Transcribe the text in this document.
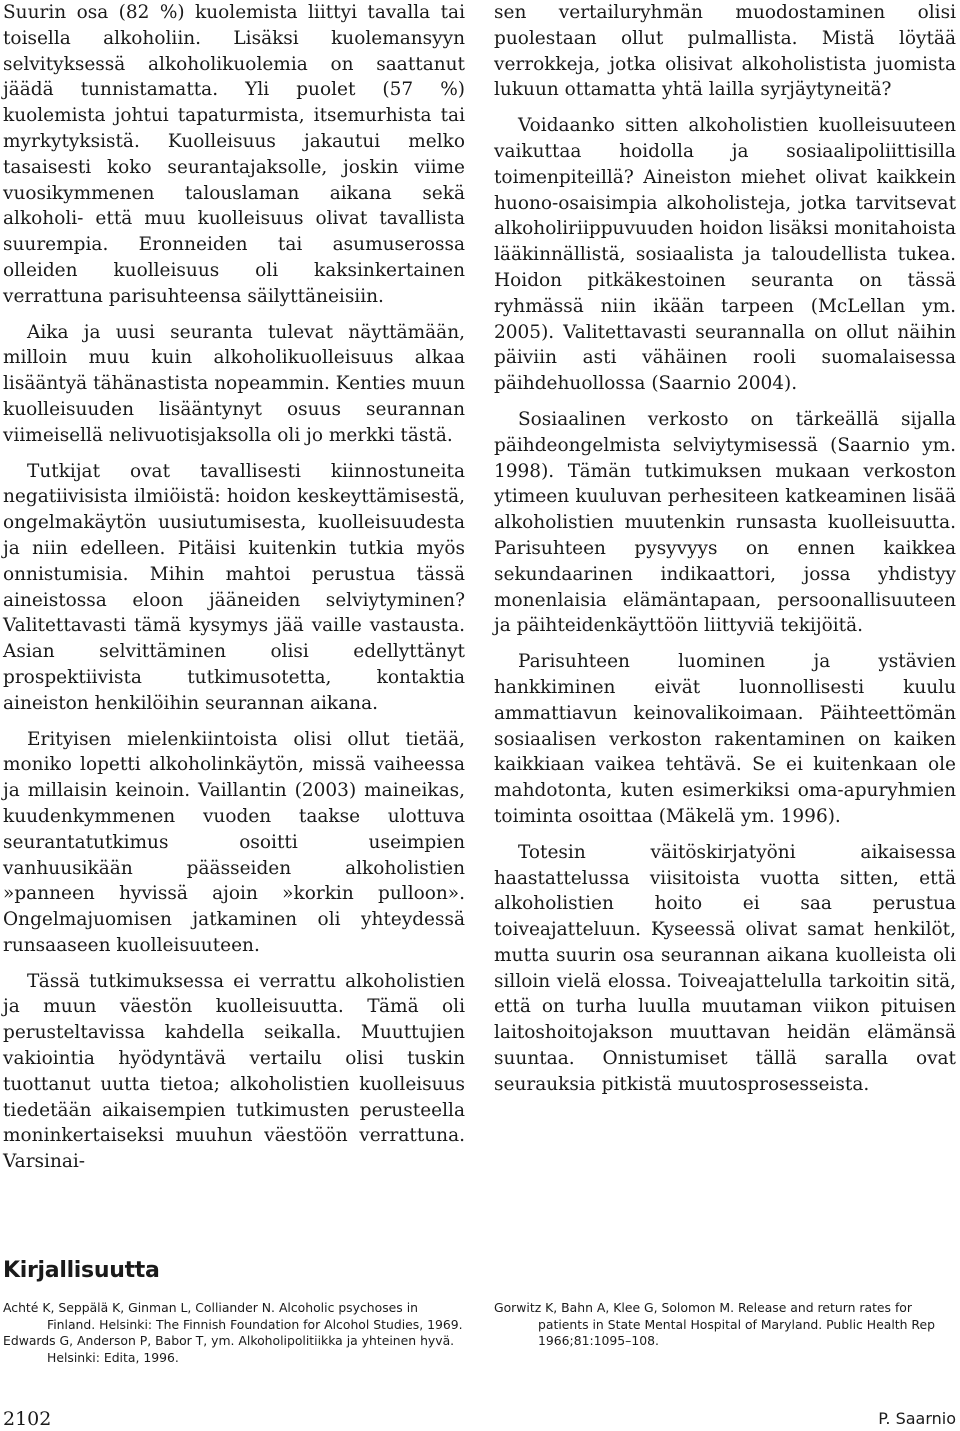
Suurin osa (82 %) kuolemista liittyi tavalla tai toisella alkoholiin. Lisäksi kuolemansyyn selvityksessä alkoholikuolemia on saattanut jäädä tunnistamatta. Yli puolet (57 %) kuolemista johtui tapaturmista, itsemurhista tai myrkytyksistä. Kuolleisuus jakautui melko tasaisesti koko seurantajaksolle, joskin viime vuosikymmenen talouslaman aikana sekä alkoholi- että muu kuolleisuus olivat tavallista suurempia. Eronneiden tai asumuserossa olleiden kuolleisuus oli kaksinkertainen verrattuna parisuhteensa säilyttäneisiin.

Aika ja uusi seuranta tulevat näyttämään, milloin muu kuin alkoholikuolleisuus alkaa lisääntyä tähänastista nopeammin. Kenties muun kuolleisuuden lisääntynyt osuus seurannan viimeisellä nelivuotisjaksolla oli jo merkki tästä.

Tutkijat ovat tavallisesti kiinnostuneita negatiivisista ilmiöistä: hoidon keskeyttämisestä, ongelmakäytön uusiutumisesta, kuolleisuudesta ja niin edelleen. Pitäisi kuitenkin tutkia myös onnistumisia. Mihin mahtoi perustua tässä aineistossa eloon jääneiden selviytyminen? Valitettavasti tämä kysymys jää vaille vastausta. Asian selvittäminen olisi edellyttänyt prospektiivista tutkimusotetta, kontaktia aineiston henkilöihin seurannan aikana.

Erityisen mielenkiintoista olisi ollut tietää, moniko lopetti alkoholinkäytön, missä vaiheessa ja millaisin keinoin. Vaillantin (2003) maineikas, kuudenkymmenen vuoden taakse ulottuva seurantatutkimus osoitti useimpien vanhuusikään päässeiden alkoholistien »panneen hyvissä ajoin »korkin pulloon». Ongelmajuomisen jatkaminen oli yhteydessä runsaaseen kuolleisuuteen.

Tässä tutkimuksessa ei verrattu alkoholistien ja muun väestön kuolleisuutta. Tämä oli perusteltavissa kahdella seikalla. Muuttujien vakiointia hyödyntävä vertailu olisi tuskin tuottanut uutta tietoa; alkoholistien kuolleisuus tiedetään aikaisempien tutkimusten perusteella moninkertaiseksi muuhun väestöön verrattuna. Varsinai-

sen vertailuryhmän muodostaminen olisi puolestaan ollut pulmallista. Mistä löytää verrokkeja, jotka olisivat alkoholistista juomista lukuun ottamatta yhtä lailla syrjäytyneitä?

Voidaanko sitten alkoholistien kuolleisuuteen vaikuttaa hoidolla ja sosiaalipoliittisilla toimenpiteillä? Aineiston miehet olivat kaikkein huono-osaisimpia alkoholisteja, jotka tarvitsevat alkoholiriippuvuuden hoidon lisäksi monitahoista lääkinnällistä, sosiaalista ja taloudellista tukea. Hoidon pitkäkestoinen seuranta on tässä ryhmässä niin ikään tarpeen (McLellan ym. 2005). Valitettavasti seurannalla on ollut näihin päiviin asti vähäinen rooli suomalaisessa päihdehuollossa (Saarnio 2004).

Sosiaalinen verkosto on tärkeällä sijalla päihdeongelmista selviytymisessä (Saarnio ym. 1998). Tämän tutkimuksen mukaan verkoston ytimeen kuuluvan perhesiteen katkeaminen lisää alkoholistien muutenkin runsasta kuolleisuutta. Parisuhteen pysyvyys on ennen kaikkea sekundaarinen indikaattori, jossa yhdistyy monenlaisia elämäntapaan, persoonallisuuteen ja päihteidenkäyttöön liittyviä tekijöitä.

Parisuhteen luominen ja ystävien hankkiminen eivät luonnollisesti kuulu ammattiavun keinovalikoimaan. Päihteettömän sosiaalisen verkoston rakentaminen on kaiken kaikkiaan vaikea tehtävä. Se ei kuitenkaan ole mahdotonta, kuten esimerkiksi oma-apuryhmien toiminta osoittaa (Mäkelä ym. 1996).

Totesin väitöskirjatyöni aikaisessa haastattelussa viisitoista vuotta sitten, että alkoholistien hoito ei saa perustua toiveajatteluun. Kyseessä olivat samat henkilöt, mutta suurin osa seurannan aikana kuolleista oli silloin vielä elossa. Toiveajattelulla tarkoitin sitä, että on turha luulla muutaman viikon pituisen laitoshoitojakson muuttavan heidän elämänsä suuntaa. Onnistumiset tällä saralla ovat seurauksia pitkistä muutosprosesseista.

Kirjallisuutta

Achté K, Seppälä K, Ginman L, Colliander N. Alcoholic psychoses in Finland. Helsinki: The Finnish Foundation for Alcohol Studies, 1969.

Edwards G, Anderson P, Babor T, ym. Alkoholipolitiikka ja yhteinen hyvä. Helsinki: Edita, 1996.

Gorwitz K, Bahn A, Klee G, Solomon M. Release and return rates for patients in State Mental Hospital of Maryland. Public Health Rep 1966;81:1095–108.

2102	P. Saarnio
